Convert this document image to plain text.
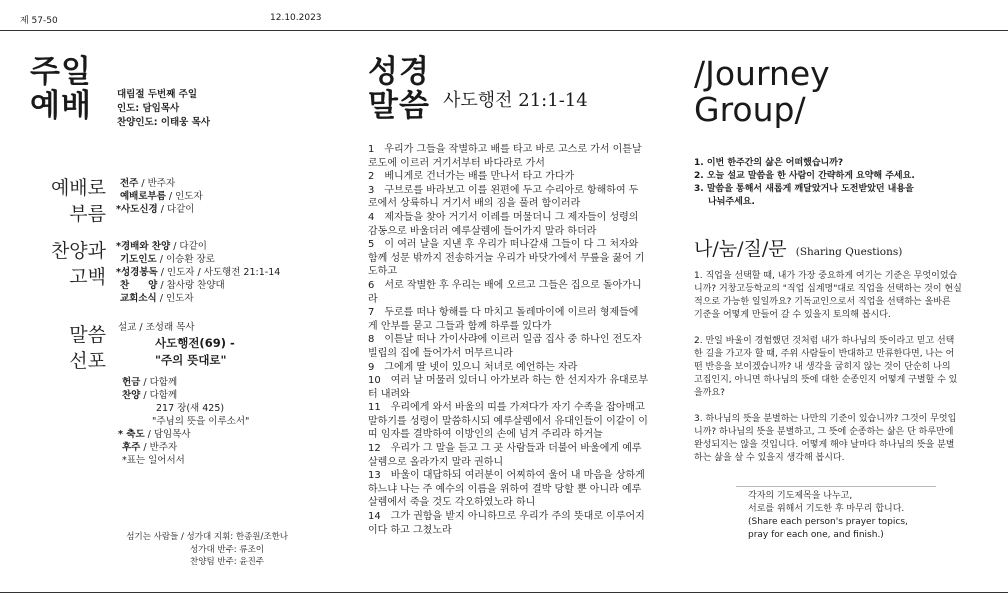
제 57-50	12.10.2023
주일
예배	대림절 두번째 주일
인도: 담임목사
찬양인도: 이태웅 목사
예배로
부름
전주 / 반주자
예배로부름 / 인도자
*사도신경 / 다같이
찬양과
고백
*경배와 찬양 / 다같이
기도인도 / 이승환 장로
*성경봉독 / 인도자 / 사도행전 21:1-14
찬　　양 / 참사랑 찬양대
교회소식 / 인도자
말씀
선포
설교 / 조성래 목사
사도행전(69) -
"주의 뜻대로"
헌금 / 다함께
찬양 / 다함께
217 장(새 425)
"주님의 뜻을 이루소서"
* 축도 / 담임목사
후주 / 반주자
*표는 일어서서
섬기는 사람들 / 성가대 지휘: 한종원/조한나
성가대 반주: 류조이
찬양팀 반주: 윤진주
성경
말씀 사도행전 21:1-14

1　우리가 그들을 작별하고 배를 타고 바로 고스로 가서 이튿날 로도에 이르러 거기서부터 바다라로 가서

2　베니게로 건너가는 배를 만나서 타고 가다가

3　구브로를 바라보고 이를 왼편에 두고 수리아로 항해하여 두로에서 상륙하니 거기서 배의 짐을 풀려 함이러라

4　제자들을 찾아 거기서 이레를 머물더니 그 제자들이 성령의 감동으로 바울더러 예루살렘에 들어가지 말라 하더라

5　이 여러 날을 지낸 후 우리가 떠나갈새 그들이 다 그 처자와 함께 성문 밖까지 전송하거늘 우리가 바닷가에서 무릎을 꿇어 기도하고

6　서로 작별한 후 우리는 배에 오르고 그들은 집으로 돌아가니라

7　두로를 떠나 항해를 다 마치고 돌레마이에 이르러 형제들에게 안부를 묻고 그들과 함께 하루를 있다가

8　이튿날 떠나 가이사랴에 이르러 일곱 집사 중 하나인 전도자 빌립의 집에 들어가서 머무르니라

9　그에게 딸 넷이 있으니 처녀로 예언하는 자라

10　여러 날 머물러 있더니 아가보라 하는 한 선지자가 유대로부터 내려와

11　우리에게 와서 바울의 띠를 가져다가 자기 수족을 잡아매고 말하기를 성령이 말씀하시되 예루살렘에서 유대인들이 이같이 이 띠 임자를 결박하여 이방인의 손에 넘겨 주리라 하거늘

12　우리가 그 말을 듣고 그 곳 사람들과 더불어 바울에게 예루살렘으로 올라가지 말라 권하니

13　바울이 대답하되 여러분이 어찌하여 울어 내 마음을 상하게 하느냐 나는 주 예수의 이름을 위하여 결박 당할 뿐 아니라 예루살렘에서 죽을 것도 각오하였노라 하니

14　그가 권함을 받지 아니하므로 우리가 주의 뜻대로 이루어지이다 하고 그쳤노라

/Journey
Group/
1. 이번 한주간의 삶은 어떠했습니까?
2. 오늘 설교 말씀을 한 사람이 간략하게 요약해 주세요.
3. 말씀을 통해서 새롭게 깨달았거나 도전받았던 내용을
나눠주세요.
나/눔/질/문 (Sharing Questions)

1. 직업을 선택할 때, 내가 가장 중요하게 여기는 기준은 무엇이었습니까? 거창고등학교의 "직업 십계명"대로 직업을 선택하는 것이 현실적으로 가능한 일일까요? 기독교인으로서 직업을 선택하는 올바른 기준을 어떻게 만들어 갈 수 있을지 토의해 봅시다.

2. 만일 바울이 경험했던 것처럼 내가 하나님의 뜻이라고 믿고 선택한 길을 가고자 할 때, 주위 사람들이 반대하고 만류한다면, 나는 어떤 반응을 보이겠습니까? 내 생각을 굽히지 않는 것이 단순히 나의 고집인지, 아니면 하나님의 뜻에 대한 순종인지 어떻게 구별할 수 있을까요?

3. 하나님의 뜻을 분별하는 나만의 기준이 있습니까? 그것이 무엇입니까? 하나님의 뜻을 분별하고, 그 뜻에 순종하는 삶은 단 하루만에 완성되지는 않을 것입니다. 어떻게 해야 날마다 하나님의 뜻을 분별하는 삶을 살 수 있을지 생각해 봅시다.

각자의 기도제목을 나누고,
서로를 위해서 기도한 후 마무리 합니다.
(Share each person's prayer topics,
pray for each one, and finish.)
